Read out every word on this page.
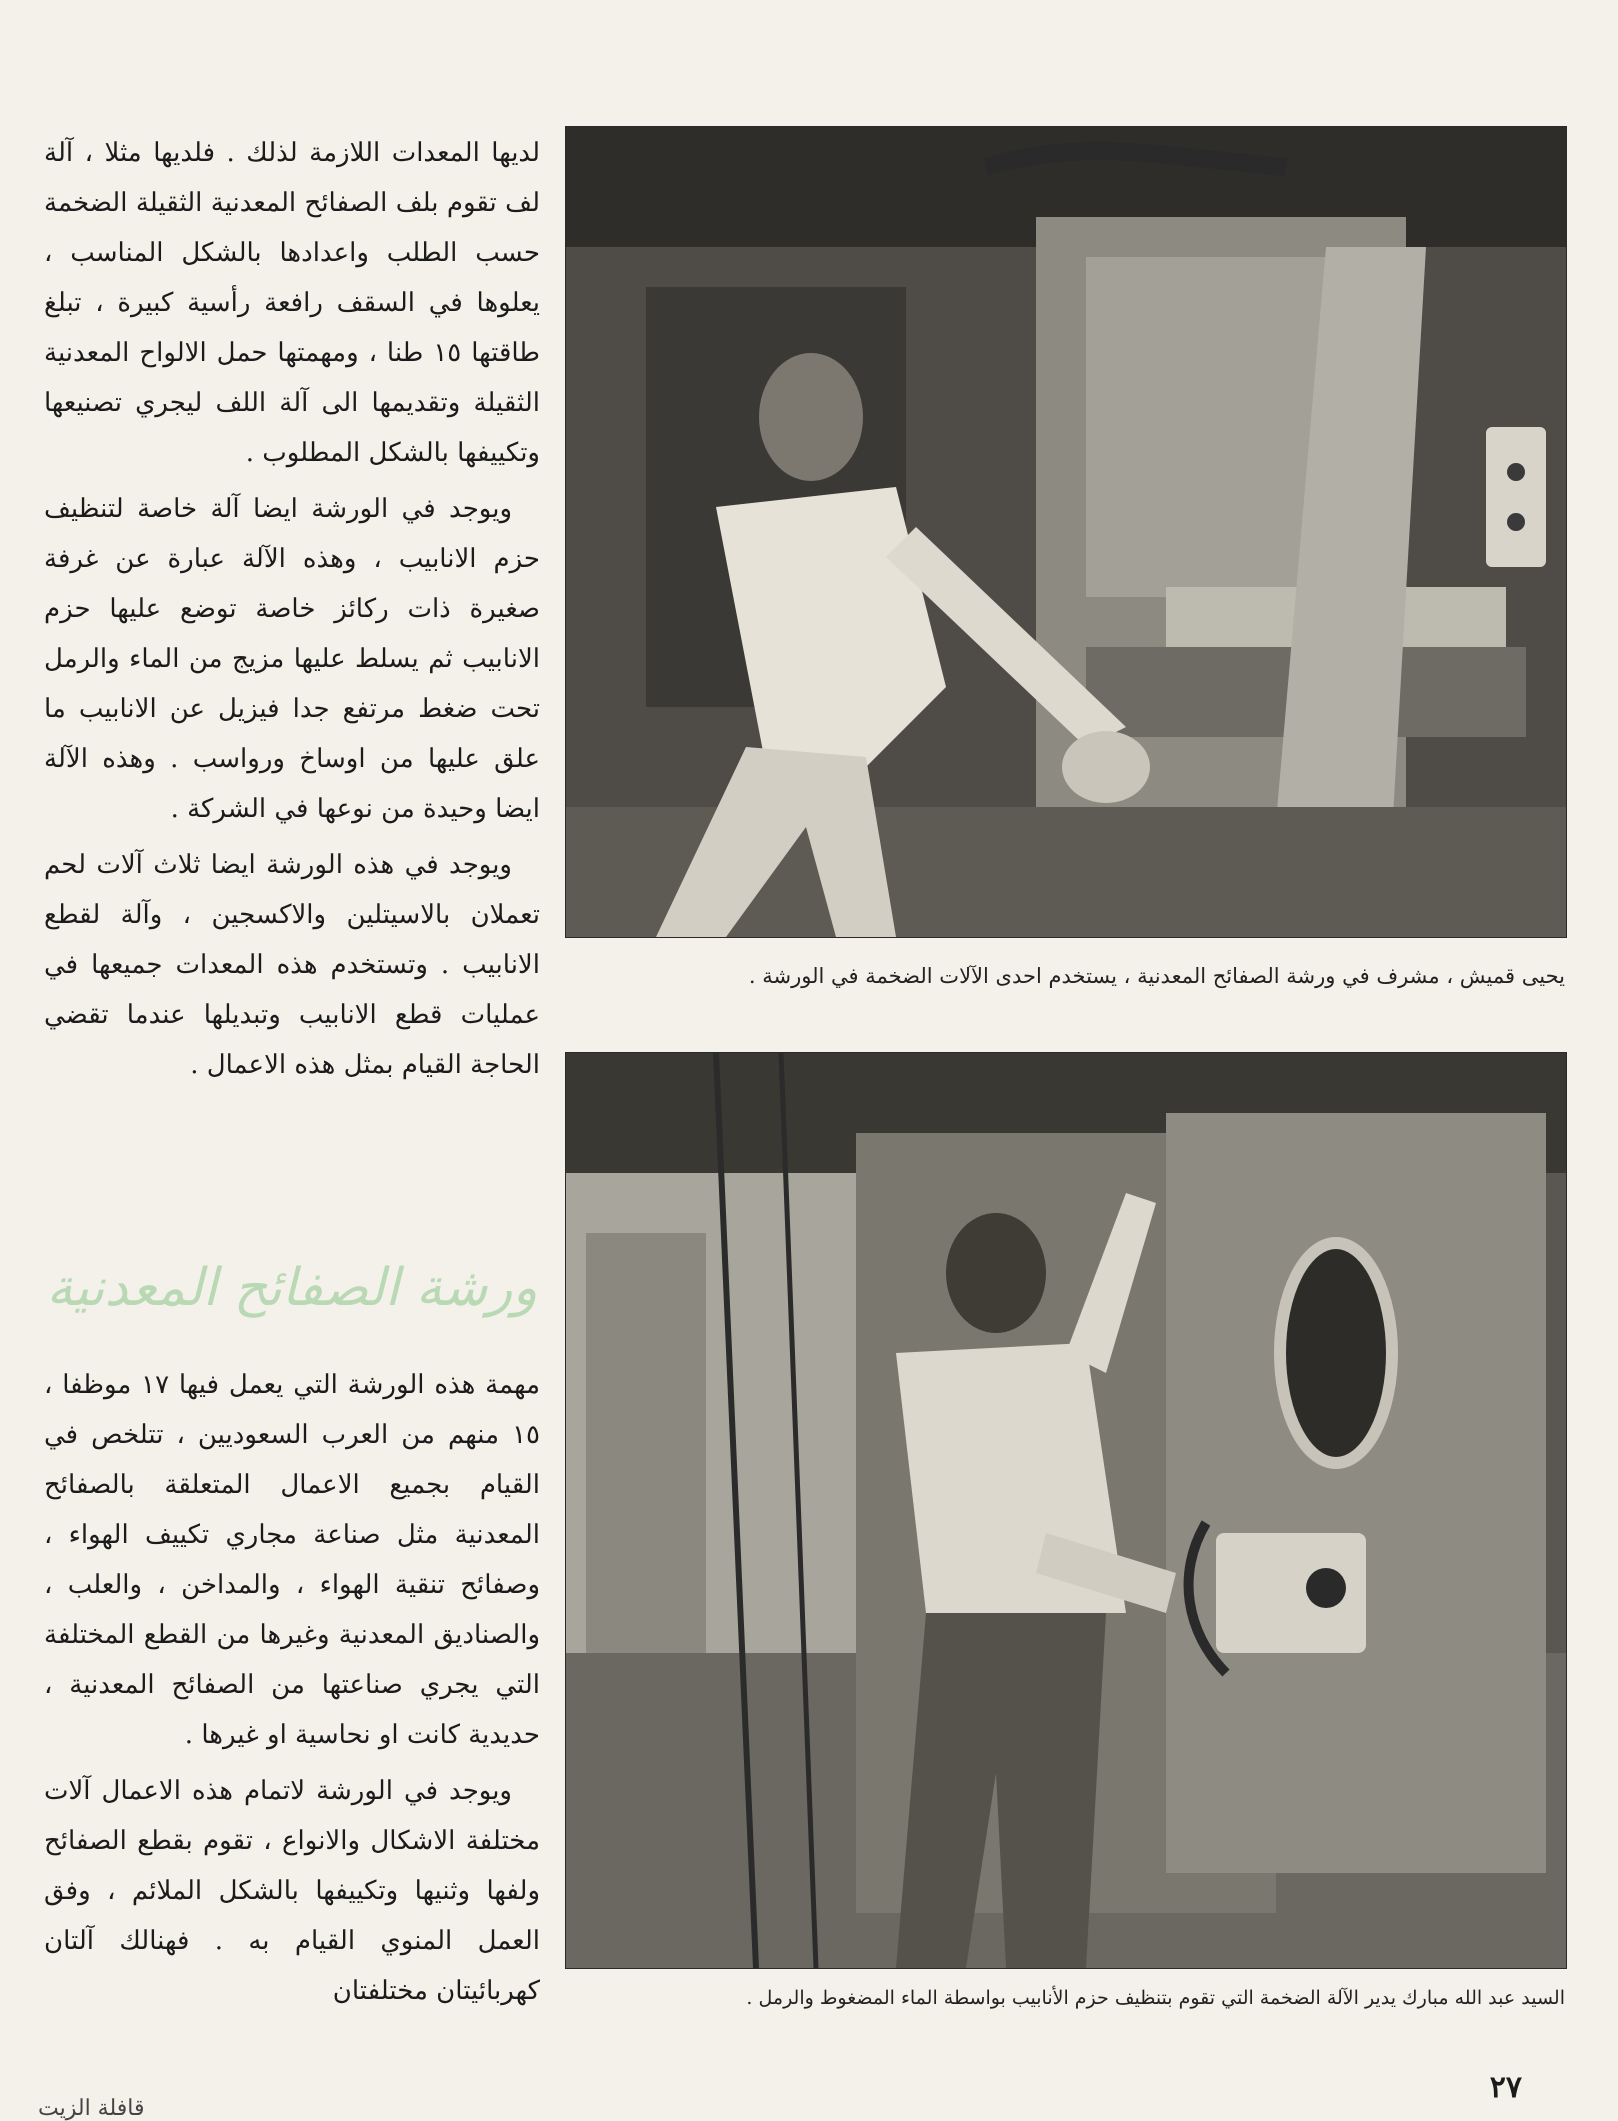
لديها المعدات اللازمة لذلك . فلديها مثلا ، آلة لف تقوم بلف الصفائح المعدنية الثقيلة الضخمة حسب الطلب واعدادها بالشكل المناسب ، يعلوها في السقف رافعة رأسية كبيرة ، تبلغ طاقتها ١٥ طنا ، ومهمتها حمل الالواح المعدنية الثقيلة وتقديمها الى آلة اللف ليجري تصنيعها وتكييفها بالشكل المطلوب .

ويوجد في الورشة ايضا آلة خاصة لتنظيف حزم الانابيب ، وهذه الآلة عبارة عن غرفة صغيرة ذات ركائز خاصة توضع عليها حزم الانابيب ثم يسلط عليها مزيج من الماء والرمل تحت ضغط مرتفع جدا فيزيل عن الانابيب ما علق عليها من اوساخ ورواسب . وهذه الآلة ايضا وحيدة من نوعها في الشركة .

ويوجد في هذه الورشة ايضا ثلاث آلات لحم تعملان بالاسيتلين والاكسجين ، وآلة لقطع الانابيب . وتستخدم هذه المعدات جميعها في عمليات قطع الانابيب وتبديلها عندما تقضي الحاجة القيام بمثل هذه الاعمال .

ورشة الصفائح المعدنية

مهمة هذه الورشة التي يعمل فيها ١٧ موظفا ، ١٥ منهم من العرب السعوديين ، تتلخص في القيام بجميع الاعمال المتعلقة بالصفائح المعدنية مثل صناعة مجاري تكييف الهواء ، وصفائح تنقية الهواء ، والمداخن ، والعلب ، والصناديق المعدنية وغيرها من القطع المختلفة التي يجري صناعتها من الصفائح المعدنية ، حديدية كانت او نحاسية او غيرها .

ويوجد في الورشة لاتمام هذه الاعمال آلات مختلفة الاشكال والانواع ، تقوم بقطع الصفائح ولفها وثنيها وتكييفها بالشكل الملائم ، وفق العمل المنوي القيام به . فهنالك آلتان كهربائيتان مختلفتان

يحيى قميش ، مشرف في ورشة الصفائح المعدنية ، يستخدم احدى الآلات الضخمة في الورشة .
السيد عبد الله مبارك يدير الآلة الضخمة التي تقوم بتنظيف حزم الأنابيب بواسطة الماء المضغوط والرمل .
٢٧
قافلة الزيت
